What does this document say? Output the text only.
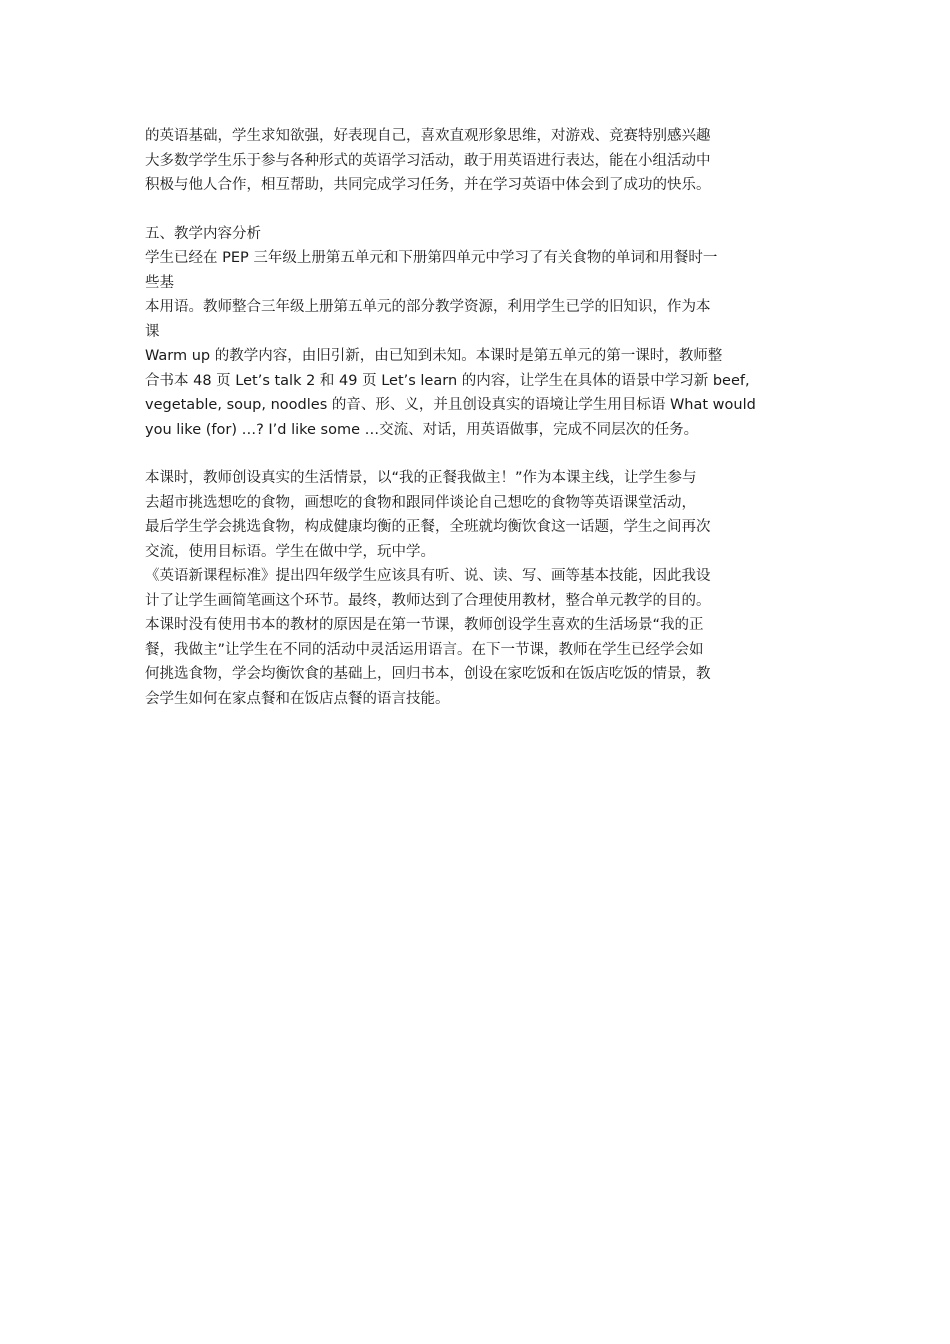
的英语基础，学生求知欲强，好表现自己，喜欢直观形象思维，对游戏、竞赛特别感兴趣
大多数学学生乐于参与各种形式的英语学习活动，敢于用英语进行表达，能在小组活动中
积极与他人合作，相互帮助，共同完成学习任务，并在学习英语中体会到了成功的快乐。
五、教学内容分析
学生已经在 PEP 三年级上册第五单元和下册第四单元中学习了有关食物的单词和用餐时一
些基
本用语。教师整合三年级上册第五单元的部分教学资源，利用学生已学的旧知识，作为本
课
Warm up 的教学内容，由旧引新，由已知到未知。本课时是第五单元的第一课时，教师整
合书本 48 页 Let’s talk 2 和 49 页 Let’s learn 的内容，让学生在具体的语景中学习新 beef,
vegetable, soup, noodles 的音、形、义，并且创设真实的语境让学生用目标语 What would
you like (for) …? I’d like some …交流、对话，用英语做事，完成不同层次的任务。
本课时，教师创设真实的生活情景，以“我的正餐我做主！”作为本课主线，让学生参与
去超市挑选想吃的食物，画想吃的食物和跟同伴谈论自己想吃的食物等英语课堂活动，
最后学生学会挑选食物，构成健康均衡的正餐，全班就均衡饮食这一话题，学生之间再次
交流，使用目标语。学生在做中学，玩中学。
《英语新课程标准》提出四年级学生应该具有听、说、读、写、画等基本技能，因此我设
计了让学生画简笔画这个环节。最终，教师达到了合理使用教材，整合单元教学的目的。
本课时没有使用书本的教材的原因是在第一节课，教师创设学生喜欢的生活场景“我的正
餐，我做主”让学生在不同的活动中灵活运用语言。在下一节课，教师在学生已经学会如
何挑选食物，学会均衡饮食的基础上，回归书本，创设在家吃饭和在饭店吃饭的情景，教
会学生如何在家点餐和在饭店点餐的语言技能。
